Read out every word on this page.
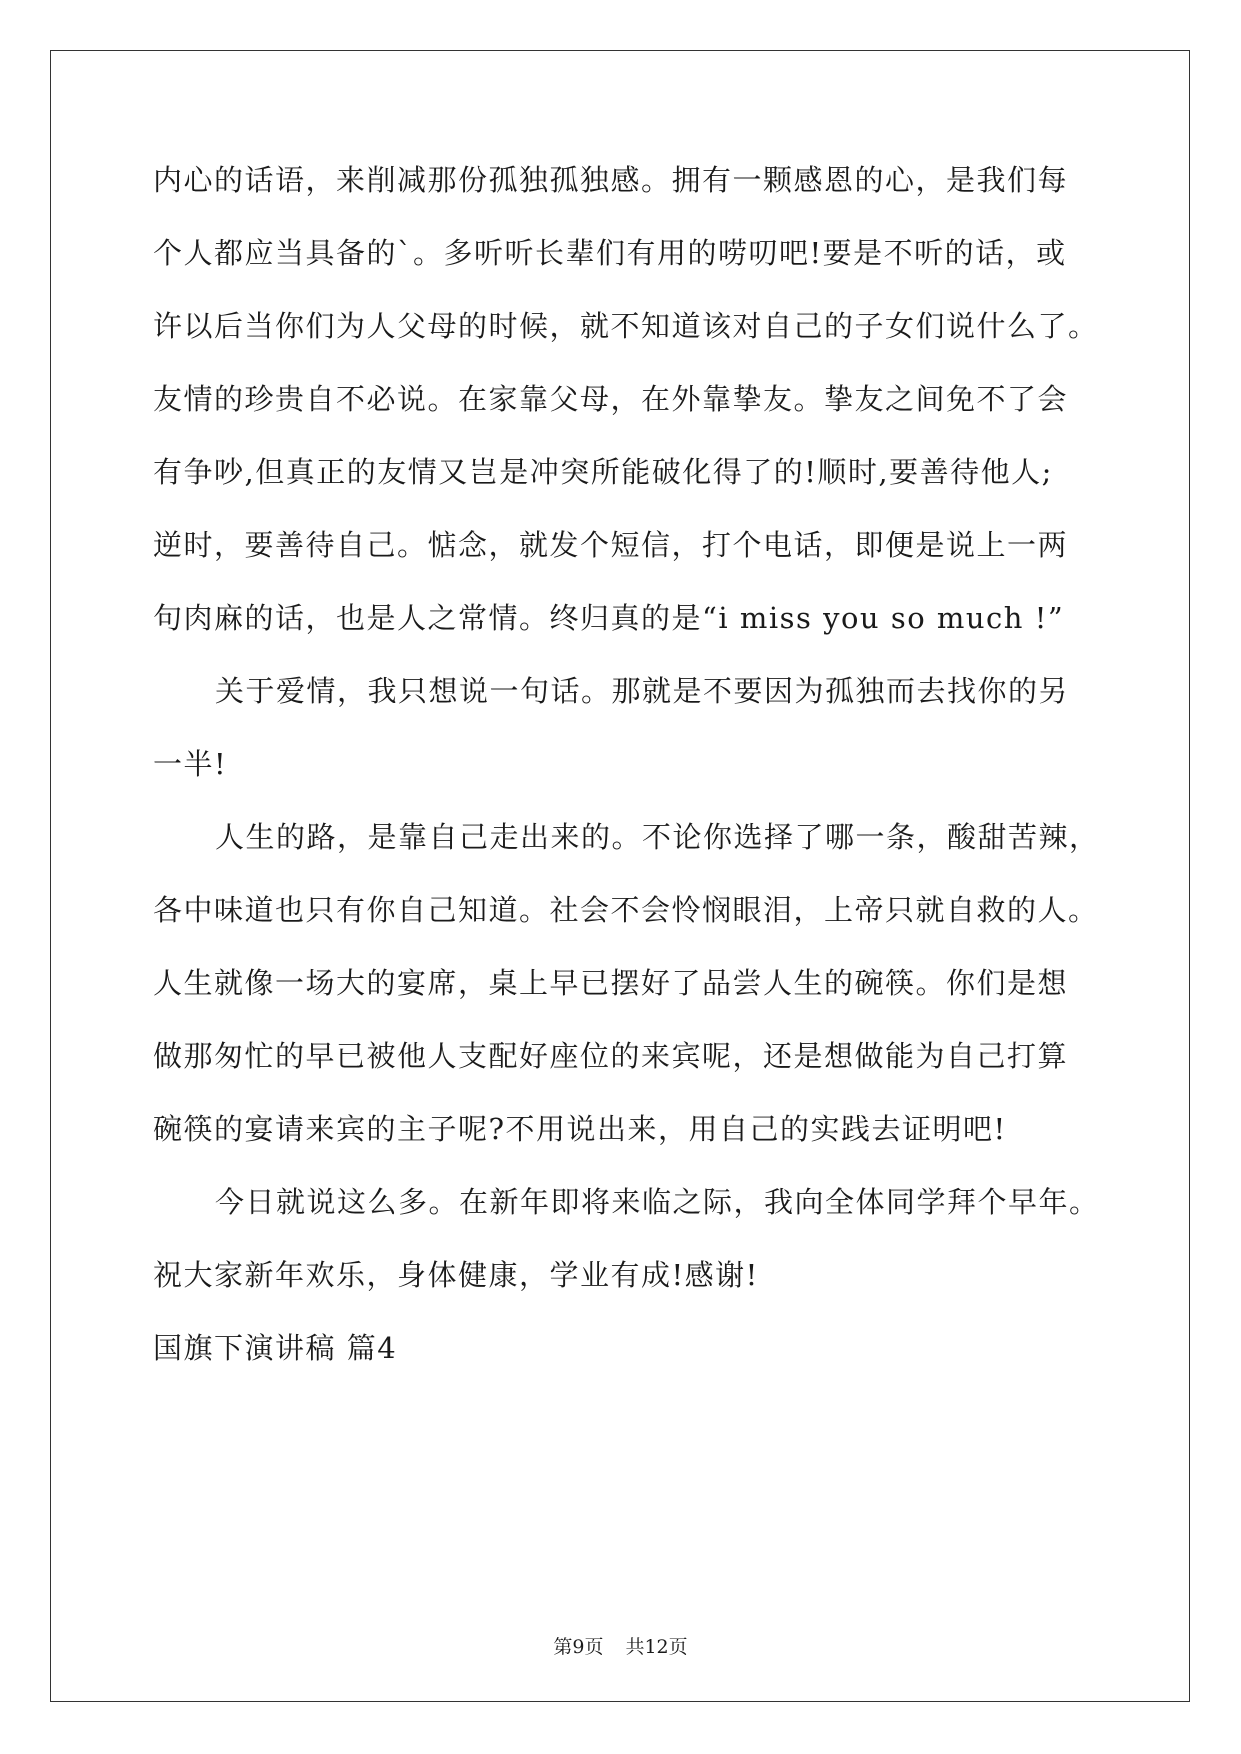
内心的话语，来削减那份孤独孤独感。拥有一颗感恩的心，是我们每
个人都应当具备的`。多听听长辈们有用的唠叨吧!要是不听的话，或
许以后当你们为人父母的时候，就不知道该对自己的子女们说什么了。
友情的珍贵自不必说。在家靠父母，在外靠挚友。挚友之间免不了会
有争吵,但真正的友情又岂是冲突所能破化得了的!顺时,要善待他人;
逆时，要善待自己。惦念，就发个短信，打个电话，即便是说上一两
句肉麻的话，也是人之常情。终归真的是“i miss you so much !”
关于爱情，我只想说一句话。那就是不要因为孤独而去找你的另
一半!
人生的路，是靠自己走出来的。不论你选择了哪一条，酸甜苦辣，
各中味道也只有你自己知道。社会不会怜悯眼泪，上帝只就自救的人。
人生就像一场大的宴席，桌上早已摆好了品尝人生的碗筷。你们是想
做那匆忙的早已被他人支配好座位的来宾呢，还是想做能为自己打算
碗筷的宴请来宾的主子呢?不用说出来，用自己的实践去证明吧!
今日就说这么多。在新年即将来临之际，我向全体同学拜个早年。
祝大家新年欢乐，身体健康，学业有成!感谢!
国旗下演讲稿 篇4
第9页 共12页
